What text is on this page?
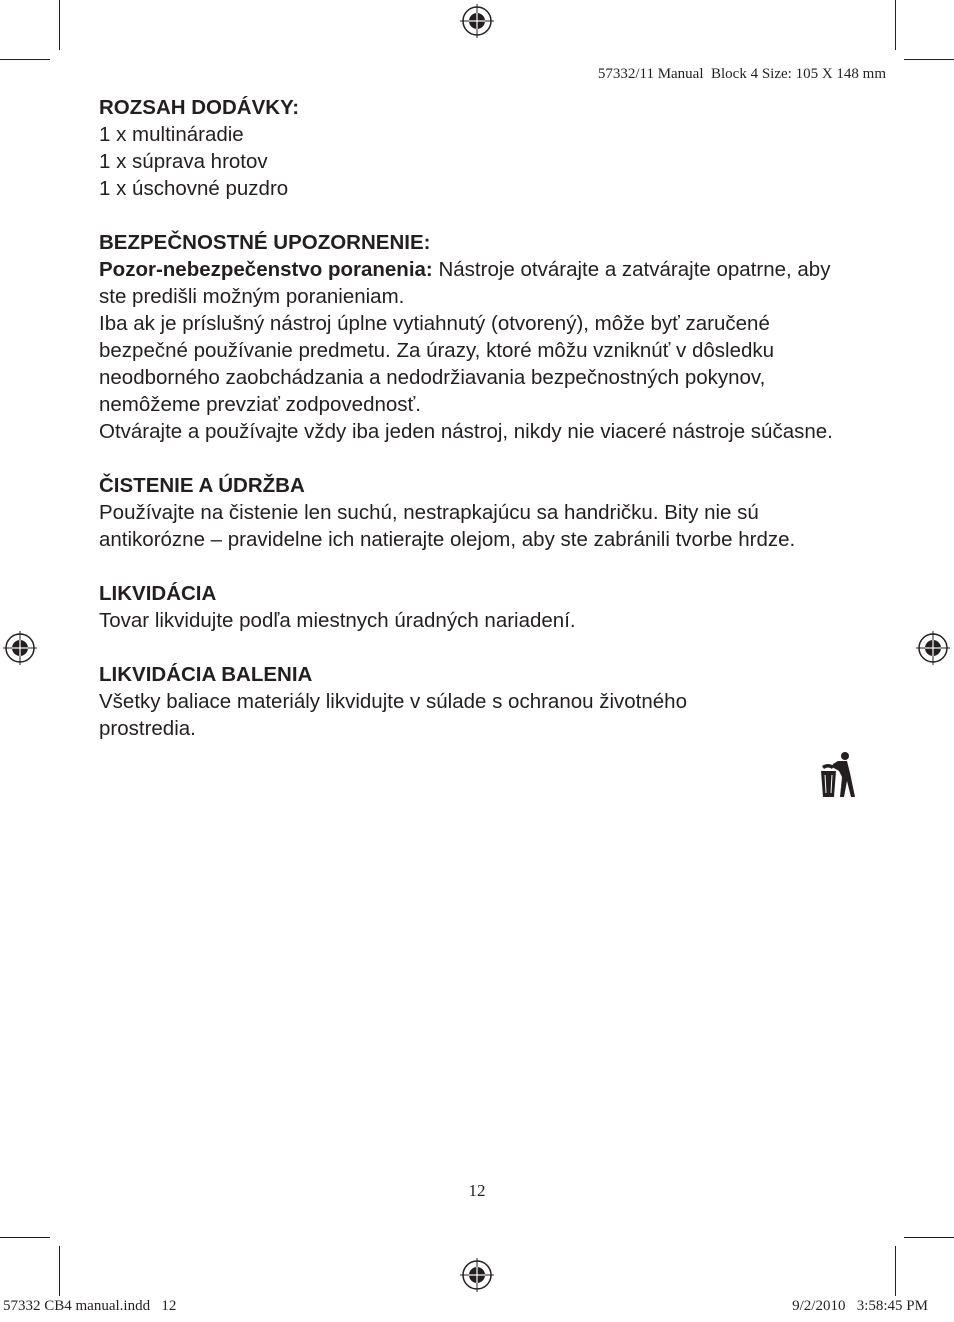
57332/11 Manual  Block 4 Size: 105 X 148 mm
ROZSAH DODÁVKY:

1 x multináradie

1 x súprava hrotov

1 x úschovné puzdro

BEZPEČNOSTNÉ UPOZORNENIE:

Pozor-nebezpečenstvo poranenia: Nástroje otvárajte a zatvárajte opatrne, aby ste predišli možným poranieniam.

Iba ak je príslušný nástroj úplne vytiahnutý (otvorený), môže byť zaručené bezpečné používanie predmetu. Za úrazy, ktoré môžu vzniknúť v dôsledku neodborného zaobchádzania a nedodržiavania bezpečnostných pokynov, nemôžeme prevziať zodpovednosť.

Otvárajte a používajte vždy iba jeden nástroj, nikdy nie viaceré nástroje súčasne.

ČISTENIE A ÚDRŽBA

Používajte na čistenie len suchú, nestrapkajúcu sa handričku. Bity nie sú antikorózne – pravidelne ich natierajte olejom, aby ste zabránili tvorbe hrdze.

LIKVIDÁCIA

Tovar likvidujte podľa miestnych úradných nariadení.

LIKVIDÁCIA BALENIA

Všetky baliace materiály likvidujte v súlade s ochranou životného prostredia.

12
57332 CB4 manual.indd   12	9/2/2010   3:58:45 PM
